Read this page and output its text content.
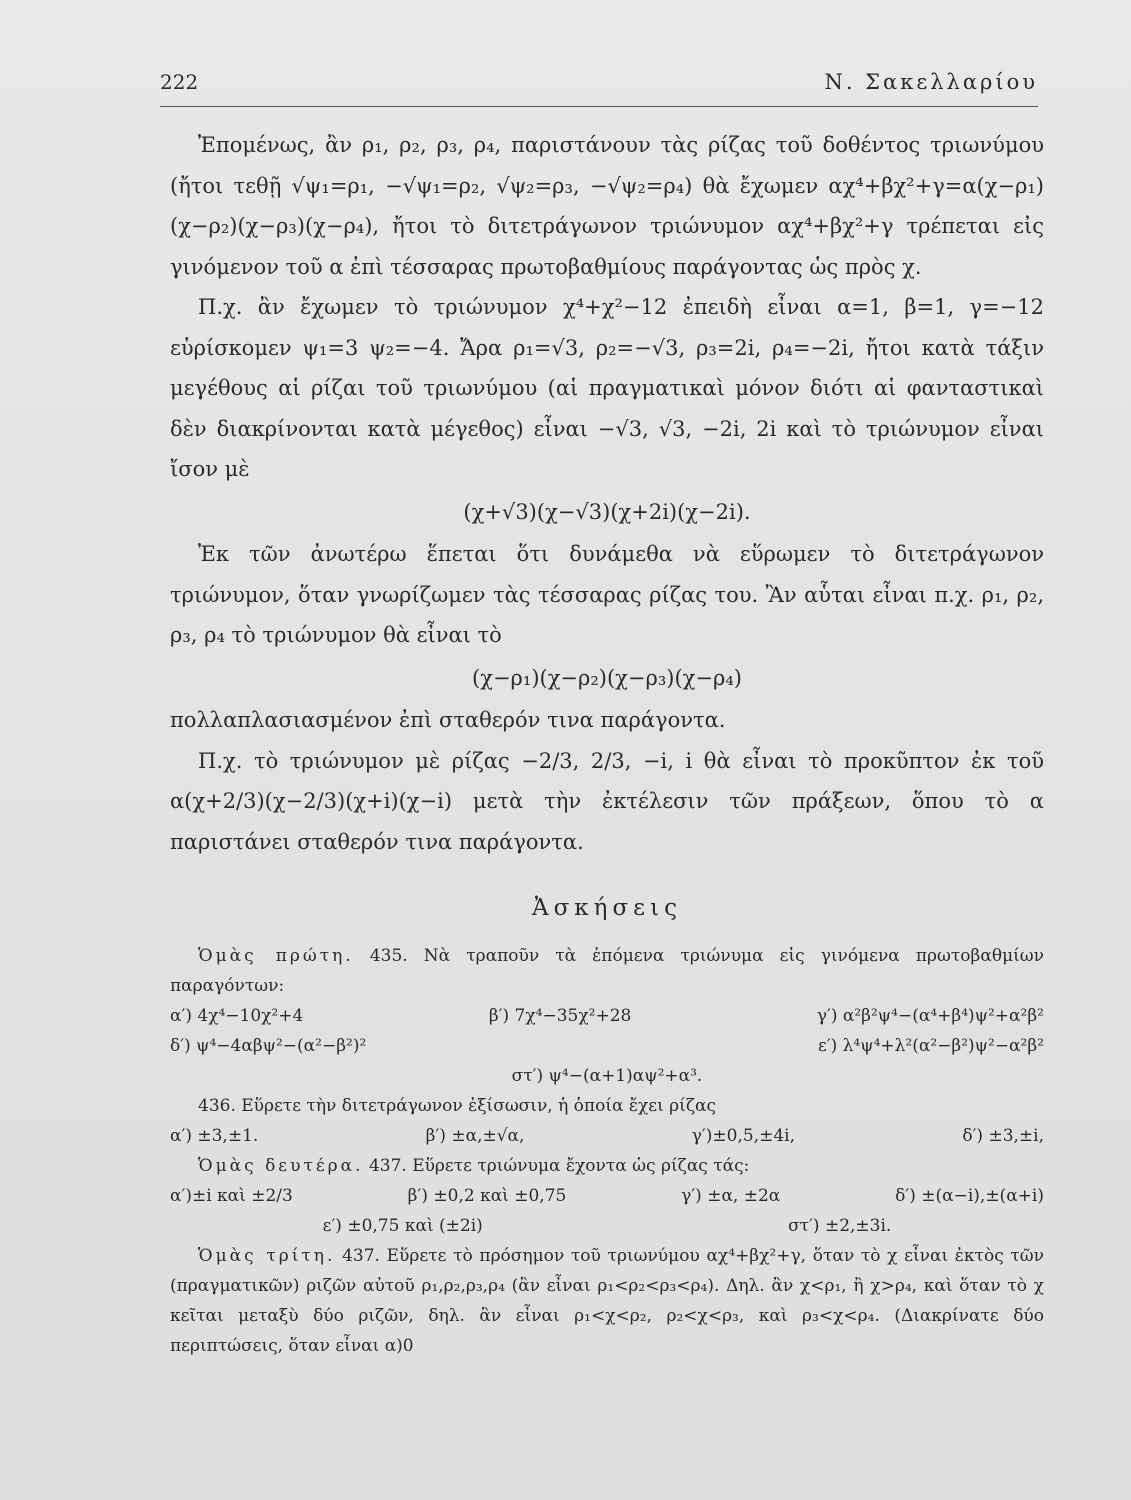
222	Ν. Σακελλαρίου

Ἐπομένως, ἂν ρ₁, ρ₂, ρ₃, ρ₄, παριστάνουν τὰς ρίζας τοῦ δοθέντος τριωνύμου (ἤτοι τεθῇ √ψ₁=ρ₁, −√ψ₁=ρ₂, √ψ₂=ρ₃, −√ψ₂=ρ₄) θὰ ἔχωμεν αχ⁴+βχ²+γ=α(χ−ρ₁)(χ−ρ₂)(χ−ρ₃)(χ−ρ₄), ἤτοι τὸ διτετράγωνον τριώνυμον αχ⁴+βχ²+γ τρέπεται εἰς γινόμενον τοῦ α ἐπὶ τέσσαρας πρωτοβαθμίους παράγοντας ὡς πρὸς χ.

Π.χ. ἂν ἔχωμεν τὸ τριώνυμον χ⁴+χ²−12 ἐπειδὴ εἶναι α=1, β=1, γ=−12 εὑρίσκομεν ψ₁=3 ψ₂=−4. Ἄρα ρ₁=√3, ρ₂=−√3, ρ₃=2i, ρ₄=−2i, ἤτοι κατὰ τάξιν μεγέθους αἱ ρίζαι τοῦ τριωνύμου (αἱ πραγματικαὶ μόνον διότι αἱ φανταστικαὶ δὲν διακρίνονται κατὰ μέγεθος) εἶναι −√3, √3, −2i, 2i καὶ τὸ τριώνυμον εἶναι ἴσον μὲ

(χ+√3)(χ−√3)(χ+2i)(χ−2i).

Ἐκ τῶν ἀνωτέρω ἕπεται ὅτι δυνάμεθα νὰ εὕρωμεν τὸ διτετράγωνον τριώνυμον, ὅταν γνωρίζωμεν τὰς τέσσαρας ρίζας του. Ἂν αὗται εἶναι π.χ. ρ₁, ρ₂, ρ₃, ρ₄ τὸ τριώνυμον θὰ εἶναι τὸ

(χ−ρ₁)(χ−ρ₂)(χ−ρ₃)(χ−ρ₄)

πολλαπλασιασμένον ἐπὶ σταθερόν τινα παράγοντα.

Π.χ. τὸ τριώνυμον μὲ ρίζας −2/3, 2/3, −i, i θὰ εἶναι τὸ προκῦπτον ἐκ τοῦ α(χ+2/3)(χ−2/3)(χ+i)(χ−i) μετὰ τὴν ἐκτέλεσιν τῶν πράξεων, ὅπου τὸ α παριστάνει σταθερόν τινα παράγοντα.

Ἀσκήσεις
Ὁμὰς πρώτη. 435. Νὰ τραποῦν τὰ ἑπόμενα τριώνυμα εἰς γινόμενα πρωτοβαθμίων παραγόντων:
α′) 4χ⁴−10χ²+4	β′) 7χ⁴−35χ²+28	γ′) α²β²ψ⁴−(α⁴+β⁴)ψ²+α²β²
δ′) ψ⁴−4αβψ²−(α²−β²)²	ε′) λ⁴ψ⁴+λ²(α²−β²)ψ²−α²β²
στ′) ψ⁴−(α+1)αψ²+α³.
436. Εὕρετε τὴν διτετράγωνον ἐξίσωσιν, ἡ ὁποία ἔχει ρίζας
α′) ±3,±1.	β′) ±α,±√α,	γ′)±0,5,±4i,	δ′) ±3,±i,
Ὁμὰς δευτέρα. 437. Εὕρετε τριώνυμα ἔχοντα ὡς ρίζας τάς:
α′)±i καὶ ±2/3	β′) ±0,2 καὶ ±0,75	γ′) ±α, ±2α	δ′) ±(α−i),±(α+i)
ε′) ±0,75 καὶ (±2i)	στ′) ±2,±3i.
Ὁμὰς τρίτη. 437. Εὕρετε τὸ πρόσημον τοῦ τριωνύμου αχ⁴+βχ²+γ, ὅταν τὸ χ εἶναι ἐκτὸς τῶν (πραγματικῶν) ριζῶν αὐτοῦ ρ₁,ρ₂,ρ₃,ρ₄ (ἂν εἶναι ρ₁<ρ₂<ρ₃<ρ₄). Δηλ. ἂν χ<ρ₁, ἢ χ>ρ₄, καὶ ὅταν τὸ χ κεῖται μεταξὺ δύο ριζῶν, δηλ. ἂν εἶναι ρ₁<χ<ρ₂, ρ₂<χ<ρ₃, καὶ ρ₃<χ<ρ₄. (Διακρίνατε δύο περιπτώσεις, ὅταν εἶναι α)0
